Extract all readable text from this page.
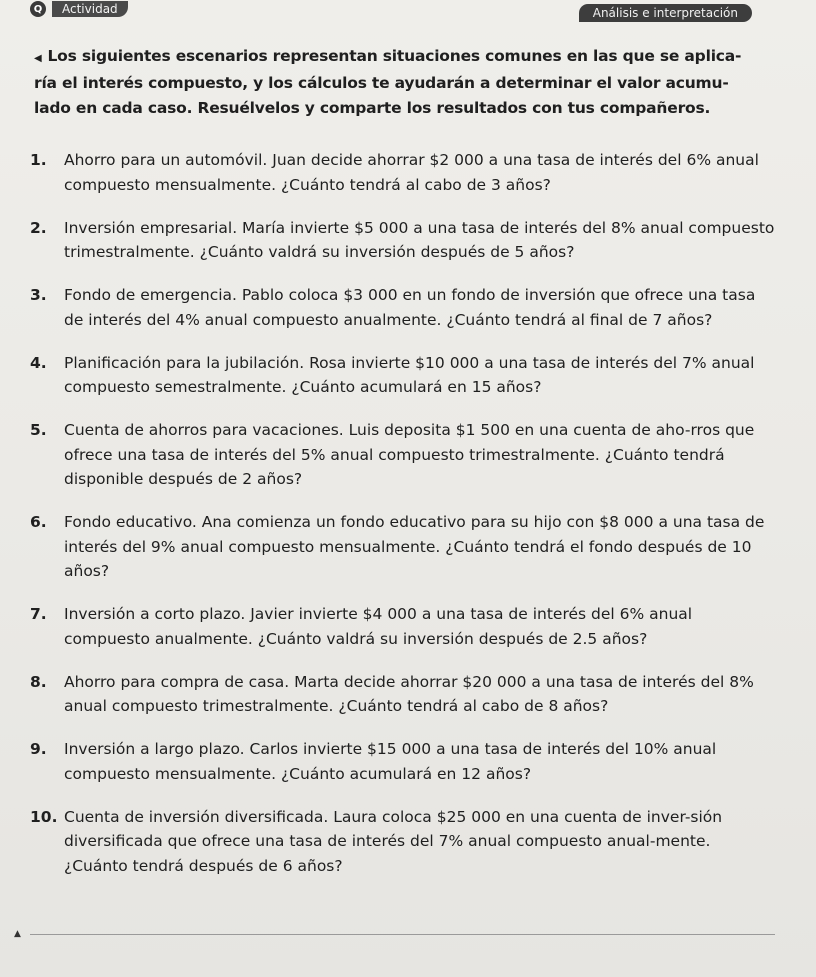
Q	Actividad	Análisis e interpretación
◀ Los siguientes escenarios representan situaciones comunes en las que se aplica-ría el interés compuesto, y los cálculos te ayudarán a determinar el valor acumu-lado en cada caso. Resuélvelos y comparte los resultados con tus compañeros.
1.	Ahorro para un automóvil. Juan decide ahorrar $2 000 a una tasa de interés del 6% anual compuesto mensualmente. ¿Cuánto tendrá al cabo de 3 años?
2.	Inversión empresarial. María invierte $5 000 a una tasa de interés del 8% anual compuesto trimestralmente. ¿Cuánto valdrá su inversión después de 5 años?
3.	Fondo de emergencia. Pablo coloca $3 000 en un fondo de inversión que ofrece una tasa de interés del 4% anual compuesto anualmente. ¿Cuánto tendrá al final de 7 años?
4.	Planificación para la jubilación. Rosa invierte $10 000 a una tasa de interés del 7% anual compuesto semestralmente. ¿Cuánto acumulará en 15 años?
5.	Cuenta de ahorros para vacaciones. Luis deposita $1 500 en una cuenta de aho-rros que ofrece una tasa de interés del 5% anual compuesto trimestralmente. ¿Cuánto tendrá disponible después de 2 años?
6.	Fondo educativo. Ana comienza un fondo educativo para su hijo con $8 000 a una tasa de interés del 9% anual compuesto mensualmente. ¿Cuánto tendrá el fondo después de 10 años?
7.	Inversión a corto plazo. Javier invierte $4 000 a una tasa de interés del 6% anual compuesto anualmente. ¿Cuánto valdrá su inversión después de 2.5 años?
8.	Ahorro para compra de casa. Marta decide ahorrar $20 000 a una tasa de interés del 8% anual compuesto trimestralmente. ¿Cuánto tendrá al cabo de 8 años?
9.	Inversión a largo plazo. Carlos invierte $15 000 a una tasa de interés del 10% anual compuesto mensualmente. ¿Cuánto acumulará en 12 años?
10. Cuenta de inversión diversificada. Laura coloca $25 000 en una cuenta de inver-sión diversificada que ofrece una tasa de interés del 7% anual compuesto anual-mente. ¿Cuánto tendrá después de 6 años?
▲
